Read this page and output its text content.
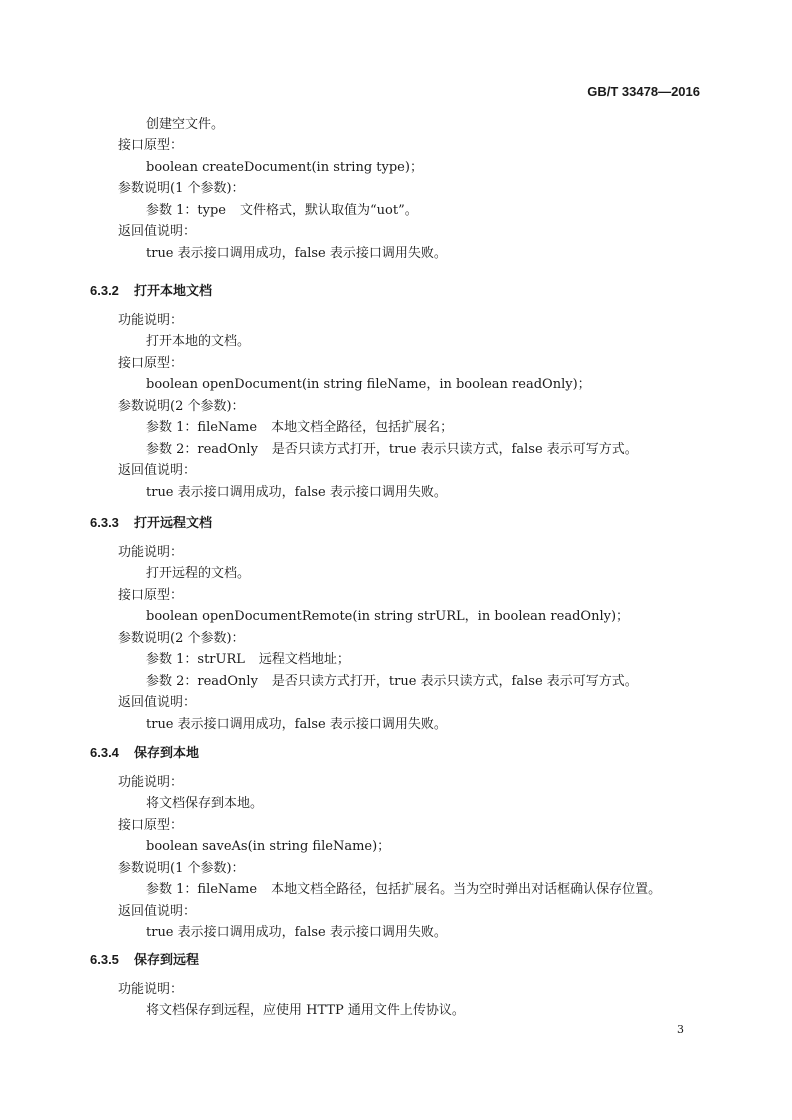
GB/T 33478—2016
创建空文件。
接口原型：
boolean createDocument(in string type)；
参数说明(1 个参数)：
参数 1：type 文件格式，默认取值为“uot”。
返回值说明：
true 表示接口调用成功，false 表示接口调用失败。
6.3.2 打开本地文档
功能说明：
打开本地的文档。
接口原型：
boolean openDocument(in string fileName，in boolean readOnly)；
参数说明(2 个参数)：
参数 1：fileName 本地文档全路径，包括扩展名；
参数 2：readOnly 是否只读方式打开，true 表示只读方式，false 表示可写方式。
返回值说明：
true 表示接口调用成功，false 表示接口调用失败。
6.3.3 打开远程文档
功能说明：
打开远程的文档。
接口原型：
boolean openDocumentRemote(in string strURL，in boolean readOnly)；
参数说明(2 个参数)：
参数 1：strURL 远程文档地址；
参数 2：readOnly 是否只读方式打开，true 表示只读方式，false 表示可写方式。
返回值说明：
true 表示接口调用成功，false 表示接口调用失败。
6.3.4 保存到本地
功能说明：
将文档保存到本地。
接口原型：
boolean saveAs(in string fileName)；
参数说明(1 个参数)：
参数 1：fileName 本地文档全路径，包括扩展名。当为空时弹出对话框确认保存位置。
返回值说明：
true 表示接口调用成功，false 表示接口调用失败。
6.3.5 保存到远程
功能说明：
将文档保存到远程，应使用 HTTP 通用文件上传协议。
3
